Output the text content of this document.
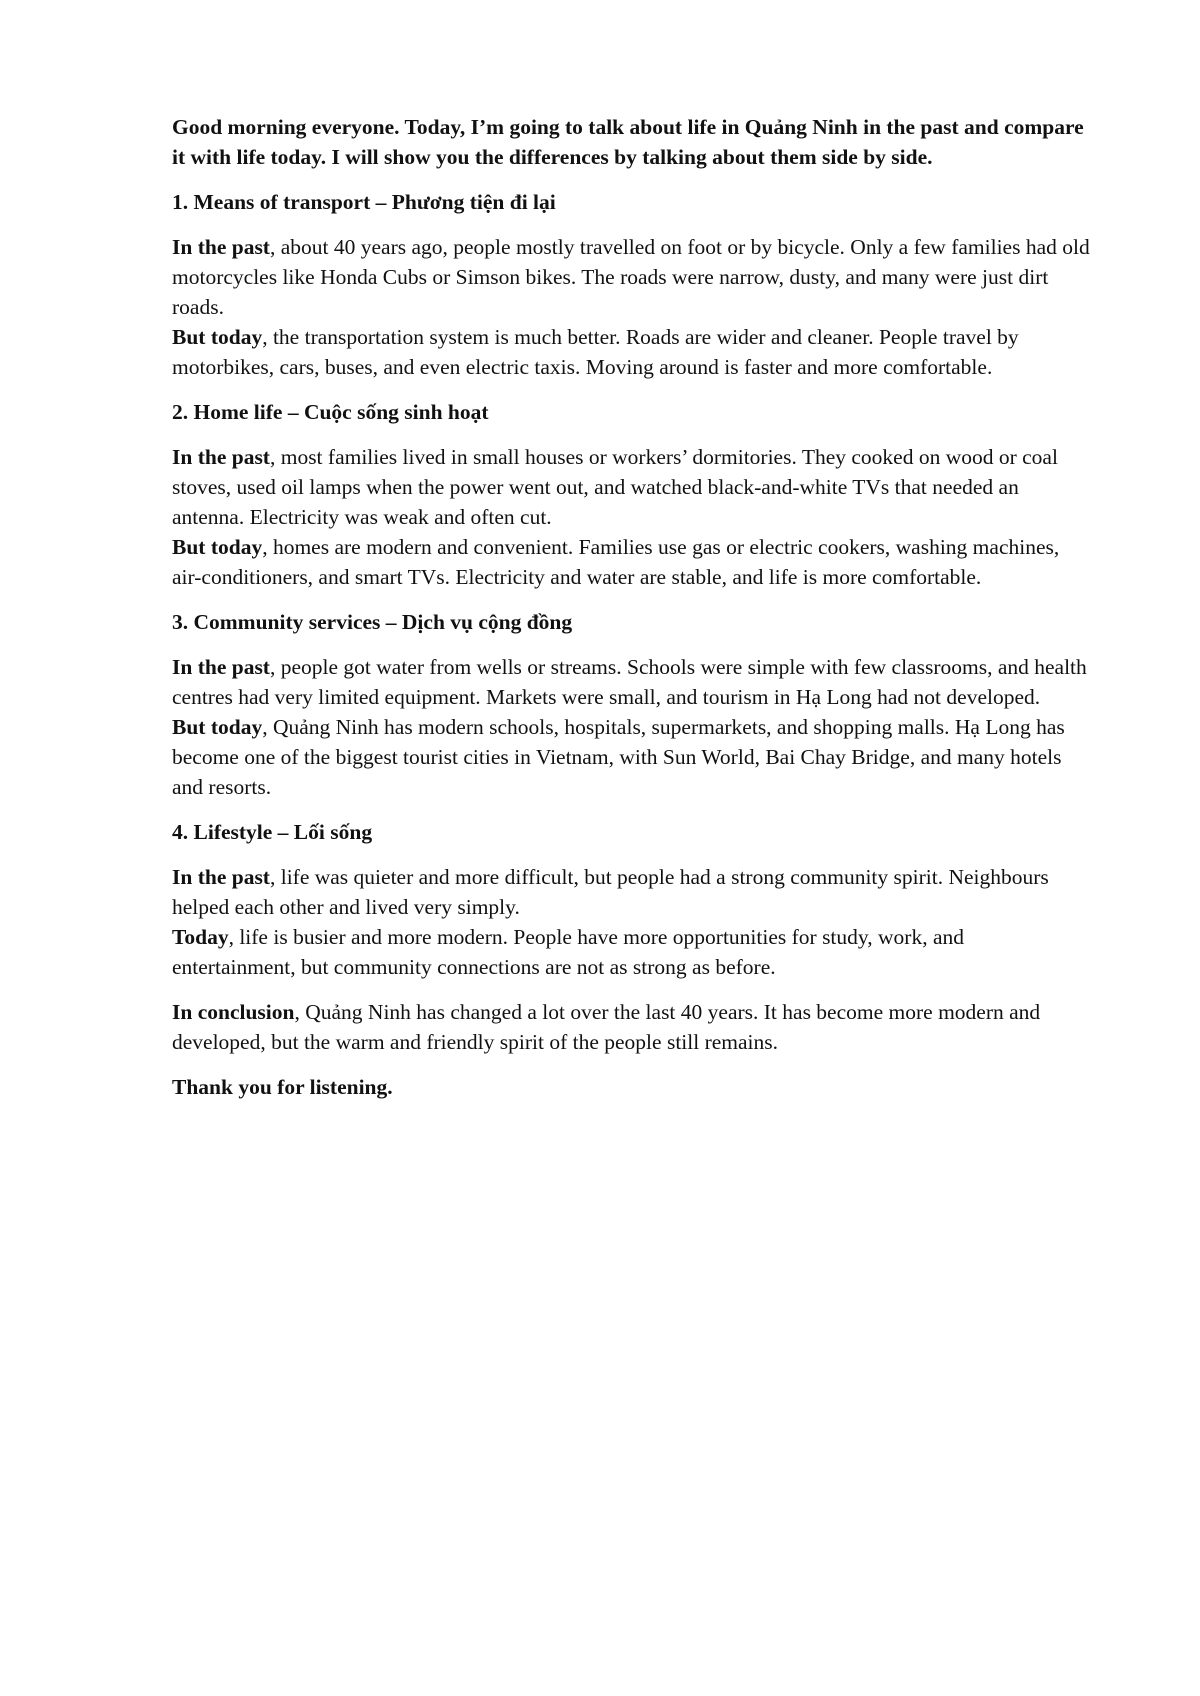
Good morning everyone. Today, I’m going to talk about life in Quảng Ninh in the past and compare it with life today. I will show you the differences by talking about them side by side.

1. Means of transport – Phương tiện đi lại

In the past, about 40 years ago, people mostly travelled on foot or by bicycle. Only a few families had old motorcycles like Honda Cubs or Simson bikes. The roads were narrow, dusty, and many were just dirt roads.

But today, the transportation system is much better. Roads are wider and cleaner. People travel by motorbikes, cars, buses, and even electric taxis. Moving around is faster and more comfortable.

2. Home life – Cuộc sống sinh hoạt

In the past, most families lived in small houses or workers’ dormitories. They cooked on wood or coal stoves, used oil lamps when the power went out, and watched black-and-white TVs that needed an antenna. Electricity was weak and often cut.

But today, homes are modern and convenient. Families use gas or electric cookers, washing machines, air-conditioners, and smart TVs. Electricity and water are stable, and life is more comfortable.

3. Community services – Dịch vụ cộng đồng

In the past, people got water from wells or streams. Schools were simple with few classrooms, and health centres had very limited equipment. Markets were small, and tourism in Hạ Long had not developed.

But today, Quảng Ninh has modern schools, hospitals, supermarkets, and shopping malls. Hạ Long has become one of the biggest tourist cities in Vietnam, with Sun World, Bai Chay Bridge, and many hotels and resorts.

4. Lifestyle – Lối sống

In the past, life was quieter and more difficult, but people had a strong community spirit. Neighbours helped each other and lived very simply.

Today, life is busier and more modern. People have more opportunities for study, work, and entertainment, but community connections are not as strong as before.

In conclusion, Quảng Ninh has changed a lot over the last 40 years. It has become more modern and developed, but the warm and friendly spirit of the people still remains.

Thank you for listening.
